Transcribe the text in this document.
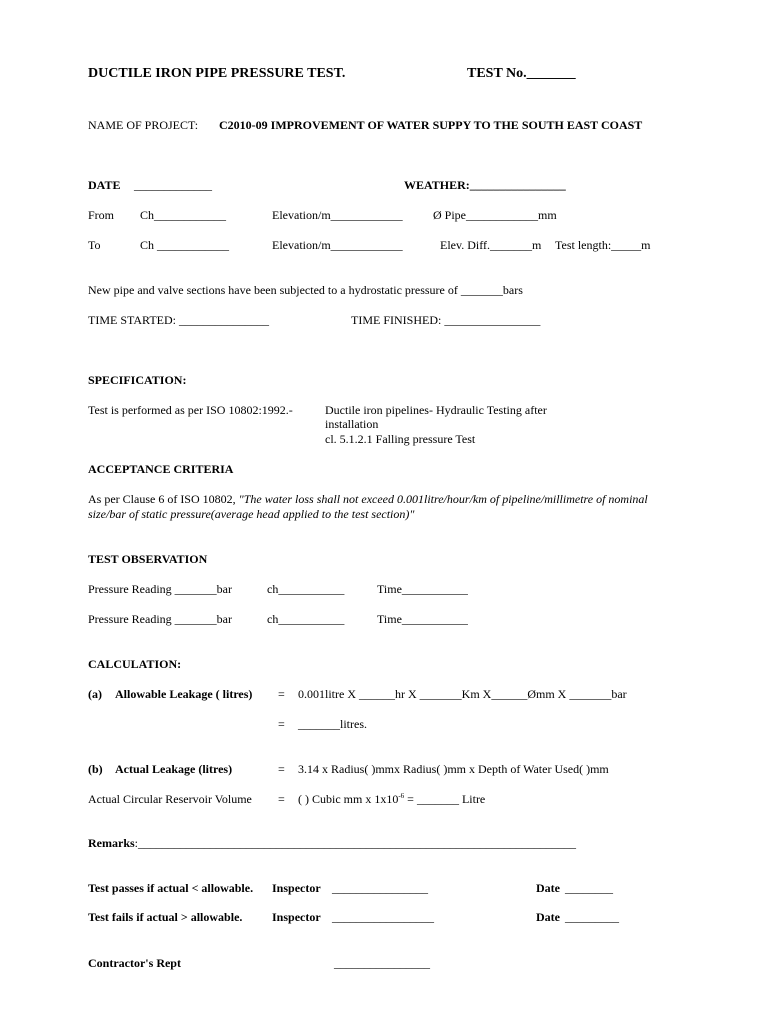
DUCTILE IRON PIPE PRESSURE TEST.	TEST No._______
NAME OF PROJECT: C2010-09 IMPROVEMENT OF WATER SUPPY TO THE SOUTH EAST COAST
DATE _____________	WEATHER:________________
From Ch____________	Elevation/m____________	Ø Pipe____________mm
To	Ch ____________	Elevation/m____________	Elev. Diff._______m Test length:_____m
New pipe and valve sections have been subjected to a hydrostatic pressure of _______bars
TIME STARTED: _______________	TIME FINISHED: ________________
SPECIFICATION:
Test is performed as per ISO 10802:1992.-	Ductile iron pipelines- Hydraulic Testing after
installation
cl. 5.1.2.1 Falling pressure Test
ACCEPTANCE CRITERIA
As per Clause 6 of ISO 10802, "The water loss shall not exceed 0.001litre/hour/km of pipeline/millimetre of nominal
size/bar of static pressure(average head applied to the test section)"
TEST OBSERVATION
Pressure Reading _______bar	ch___________	Time___________
Pressure Reading _______bar	ch___________	Time___________
CALCULATION:
(a) Allowable Leakage ( litres) = 0.001litre X ______hr X _______Km X______Ømm X _______bar
= _______litres.
(b) Actual Leakage (litres)	= 3.14 x Radius( )mmx Radius( )mm x Depth of Water Used( )mm
Actual Circular Reservoir Volume = ( ) Cubic mm x $1x10^{-6}$ = _______ Litre
Remarks:_________________________________________________________________________
Test passes if actual < allowable. Inspector ________________	Date ________
Test fails if actual > allowable. Inspector _________________	Date _________
Contractor's Rept	________________
